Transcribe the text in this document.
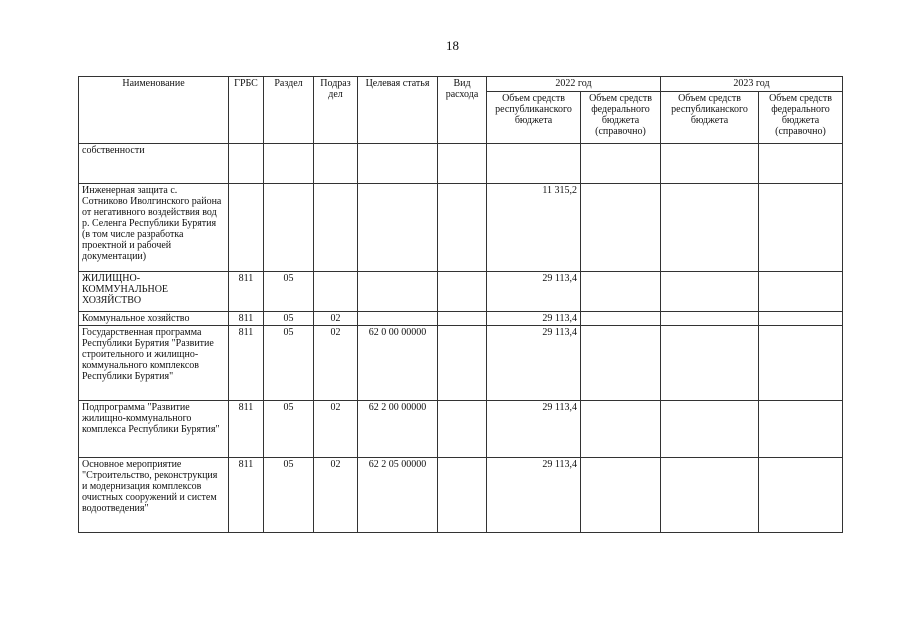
18
Наименование	ГРБС	Раздел	Подраз дел	Целевая статья	Вид расхода	2022 год		2023 год	
						Объем средств республиканского бюджета	Объем средств федерального бюджета (справочно)	Объем средств республиканского бюджета	Объем средств федерального бюджета (справочно)
собственности									
Инженерная защита с. Сотниково Иволгинского района от негативного воздействия вод р. Селенга Республики Бурятия (в том числе разработка проектной и рабочей документации)						11 315,2			
ЖИЛИЩНО-КОММУНАЛЬНОЕ ХОЗЯЙСТВО	811	05				29 113,4			
Коммунальное хозяйство	811	05	02			29 113,4			
Государственная программа Республики Бурятия "Развитие строительного и жилищно-коммунального комплексов Республики Бурятия"	811	05	02	62 0 00 00000		29 113,4			
Подпрограмма "Развитие жилищно-коммунального комплекса Республики Бурятия"	811	05	02	62 2 00 00000		29 113,4			
Основное мероприятие "Строительство, реконструкция и модернизация комплексов очистных сооружений и систем водоотведения"	811	05	02	62 2 05 00000		29 113,4			
